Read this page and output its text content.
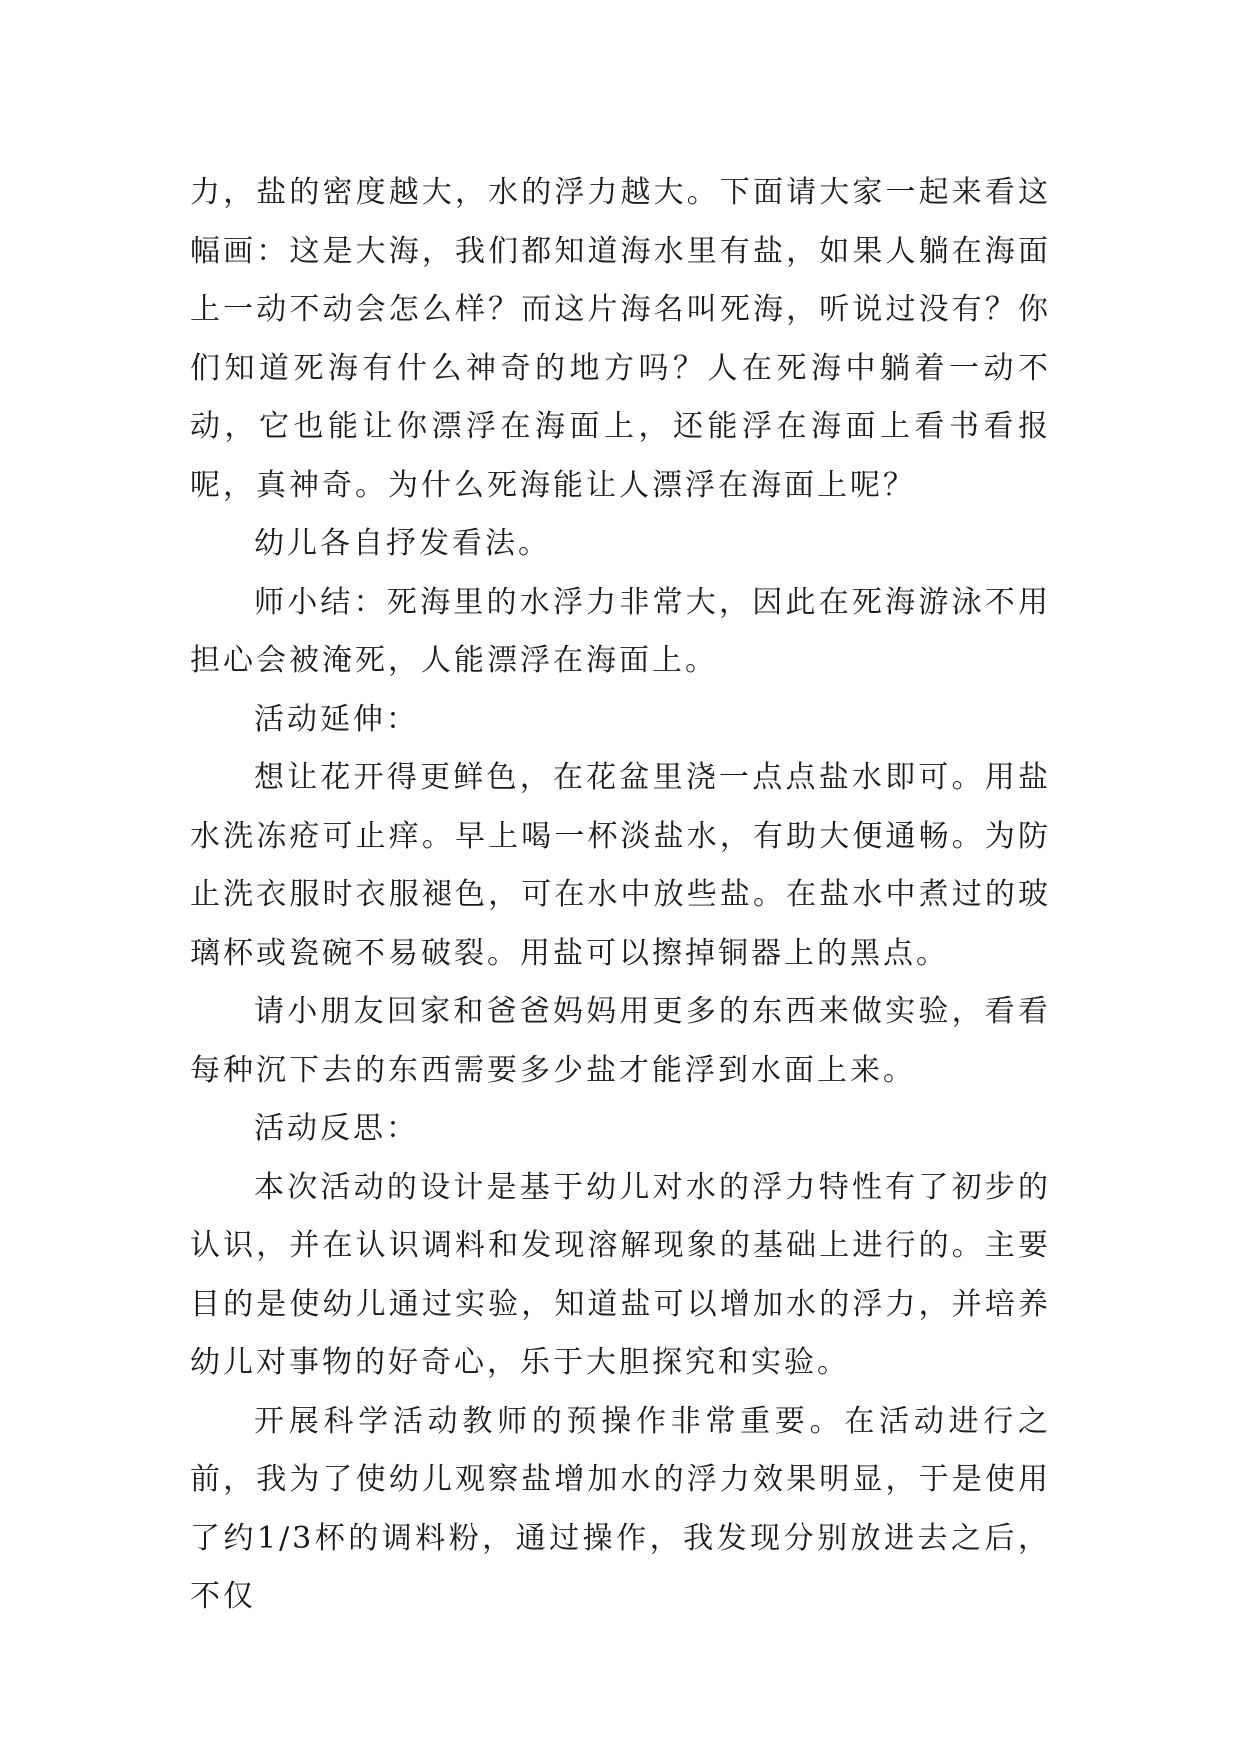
力，盐的密度越大，水的浮力越大。下面请大家一起来看这幅画：这是大海，我们都知道海水里有盐，如果人躺在海面上一动不动会怎么样？而这片海名叫死海，听说过没有？你们知道死海有什么神奇的地方吗？人在死海中躺着一动不动，它也能让你漂浮在海面上，还能浮在海面上看书看报呢，真神奇。为什么死海能让人漂浮在海面上呢？

幼儿各自抒发看法。

师小结：死海里的水浮力非常大，因此在死海游泳不用担心会被淹死，人能漂浮在海面上。

活动延伸：

想让花开得更鲜色，在花盆里浇一点点盐水即可。用盐水洗冻疮可止痒。早上喝一杯淡盐水，有助大便通畅。为防止洗衣服时衣服褪色，可在水中放些盐。在盐水中煮过的玻璃杯或瓷碗不易破裂。用盐可以擦掉铜器上的黑点。

请小朋友回家和爸爸妈妈用更多的东西来做实验，看看每种沉下去的东西需要多少盐才能浮到水面上来。

活动反思：

本次活动的设计是基于幼儿对水的浮力特性有了初步的认识，并在认识调料和发现溶解现象的基础上进行的。主要目的是使幼儿通过实验，知道盐可以增加水的浮力，并培养幼儿对事物的好奇心，乐于大胆探究和实验。

开展科学活动教师的预操作非常重要。在活动进行之前，我为了使幼儿观察盐增加水的浮力效果明显，于是使用了约1/3杯的调料粉，通过操作，我发现分别放进去之后，不仅
